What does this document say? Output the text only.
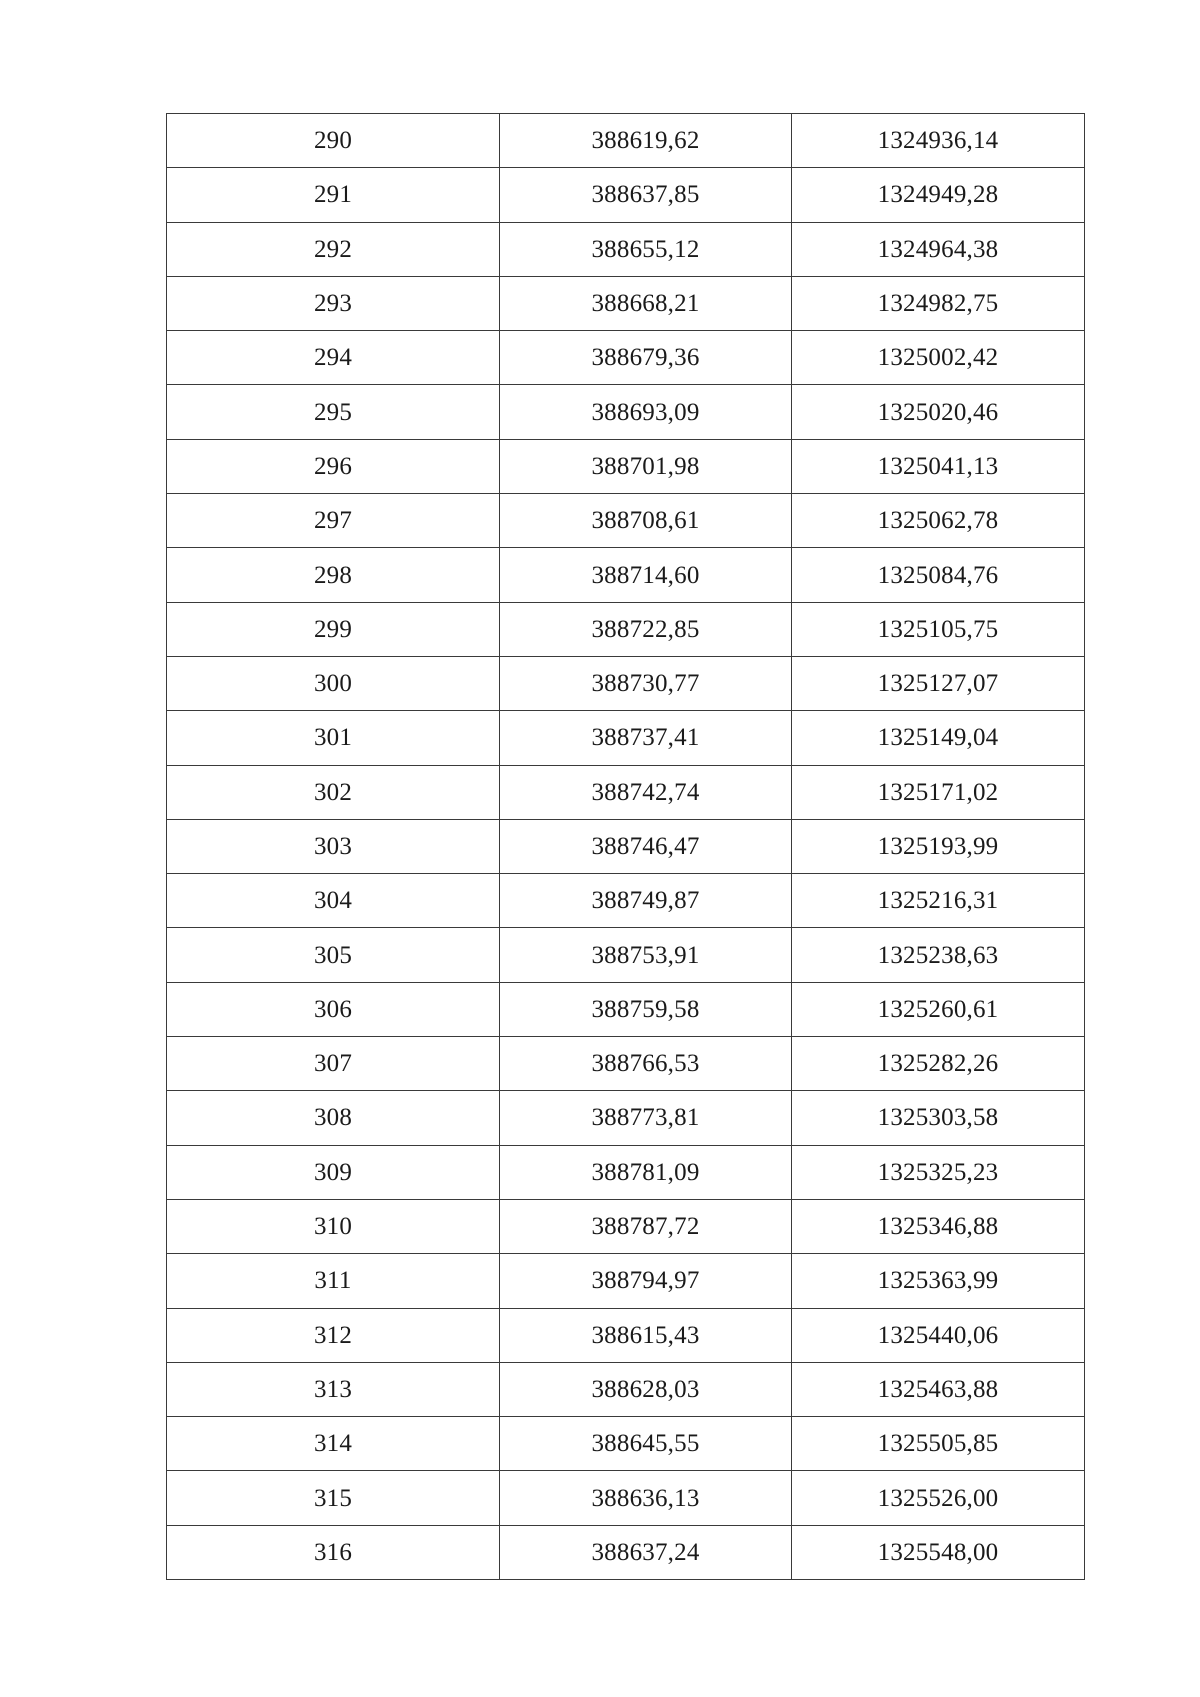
290	388619,62	1324936,14
291	388637,85	1324949,28
292	388655,12	1324964,38
293	388668,21	1324982,75
294	388679,36	1325002,42
295	388693,09	1325020,46
296	388701,98	1325041,13
297	388708,61	1325062,78
298	388714,60	1325084,76
299	388722,85	1325105,75
300	388730,77	1325127,07
301	388737,41	1325149,04
302	388742,74	1325171,02
303	388746,47	1325193,99
304	388749,87	1325216,31
305	388753,91	1325238,63
306	388759,58	1325260,61
307	388766,53	1325282,26
308	388773,81	1325303,58
309	388781,09	1325325,23
310	388787,72	1325346,88
311	388794,97	1325363,99
312	388615,43	1325440,06
313	388628,03	1325463,88
314	388645,55	1325505,85
315	388636,13	1325526,00
316	388637,24	1325548,00
